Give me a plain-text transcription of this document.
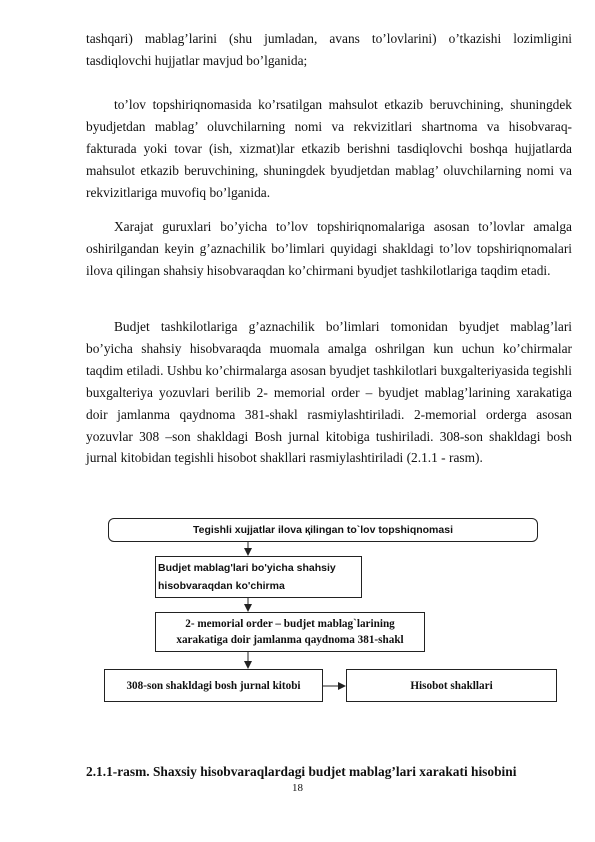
tashqari) mablag’larini (shu jumladan, avans to’lovlarini) o’tkazishi lozimligini tasdiqlovchi hujjatlar mavjud bo’lganida;

to’lov topshiriqnomasida ko’rsatilgan mahsulot etkazib beruvchining, shuningdek byudjetdan mablag’ oluvchilarning nomi va rekvizitlari shartnoma va hisobvaraq-fakturada yoki tovar (ish, xizmat)lar etkazib berishni tasdiqlovchi boshqa hujjatlarda mahsulot etkazib beruvchining, shuningdek byudjetdan mablag’ oluvchilarning nomi va rekvizitlariga muvofiq bo’lganida.

Xarajat guruxlari bo’yicha to’lov topshiriqnomalariga asosan to’lovlar amalga oshirilgandan keyin g’aznachilik bo’limlari quyidagi shakldagi to’lov topshiriqnomalari ilova qilingan shahsiy hisobvaraqdan ko’chirmani byudjet tashkilotlariga taqdim etadi.

Budjet tashkilotlariga g’aznachilik bo’limlari tomonidan byudjet mablag’lari bo’yicha shahsiy hisobvaraqda muomala amalga oshrilgan kun uchun ko’chirmalar taqdim etiladi. Ushbu ko’chirmalarga asosan byudjet tashkilotlari buxgalteriyasida tegishli buxgalteriya yozuvlari berilib 2- memorial order – byudjet mablag’larining xarakatiga doir jamlanma qaydnoma 381-shakl rasmiylashtiriladi. 2-memorial orderga asosan yozuvlar 308 –son shakldagi Bosh jurnal kitobiga tushiriladi. 308-son shakldagi bosh jurnal kitobidan tegishli hisobot shakllari rasmiylashtiriladi (2.1.1 - rasm).

Tegishli xujjatlar ilova қilingan to`lov topshiqnomasi
Budjet mablag'lari bo'yicha shahsiy
hisobvaraqdan ko'chirma
2- memorial order – budjet mablag`larining
xarakatiga doir jamlanma qaydnoma 381-shakl
308-son shakldagi bosh jurnal kitobi	Hisobot shakllari
2.1.1-rasm. Shaxsiy hisobvaraqlardagi budjet mablag’lari xarakati hisobini
18
